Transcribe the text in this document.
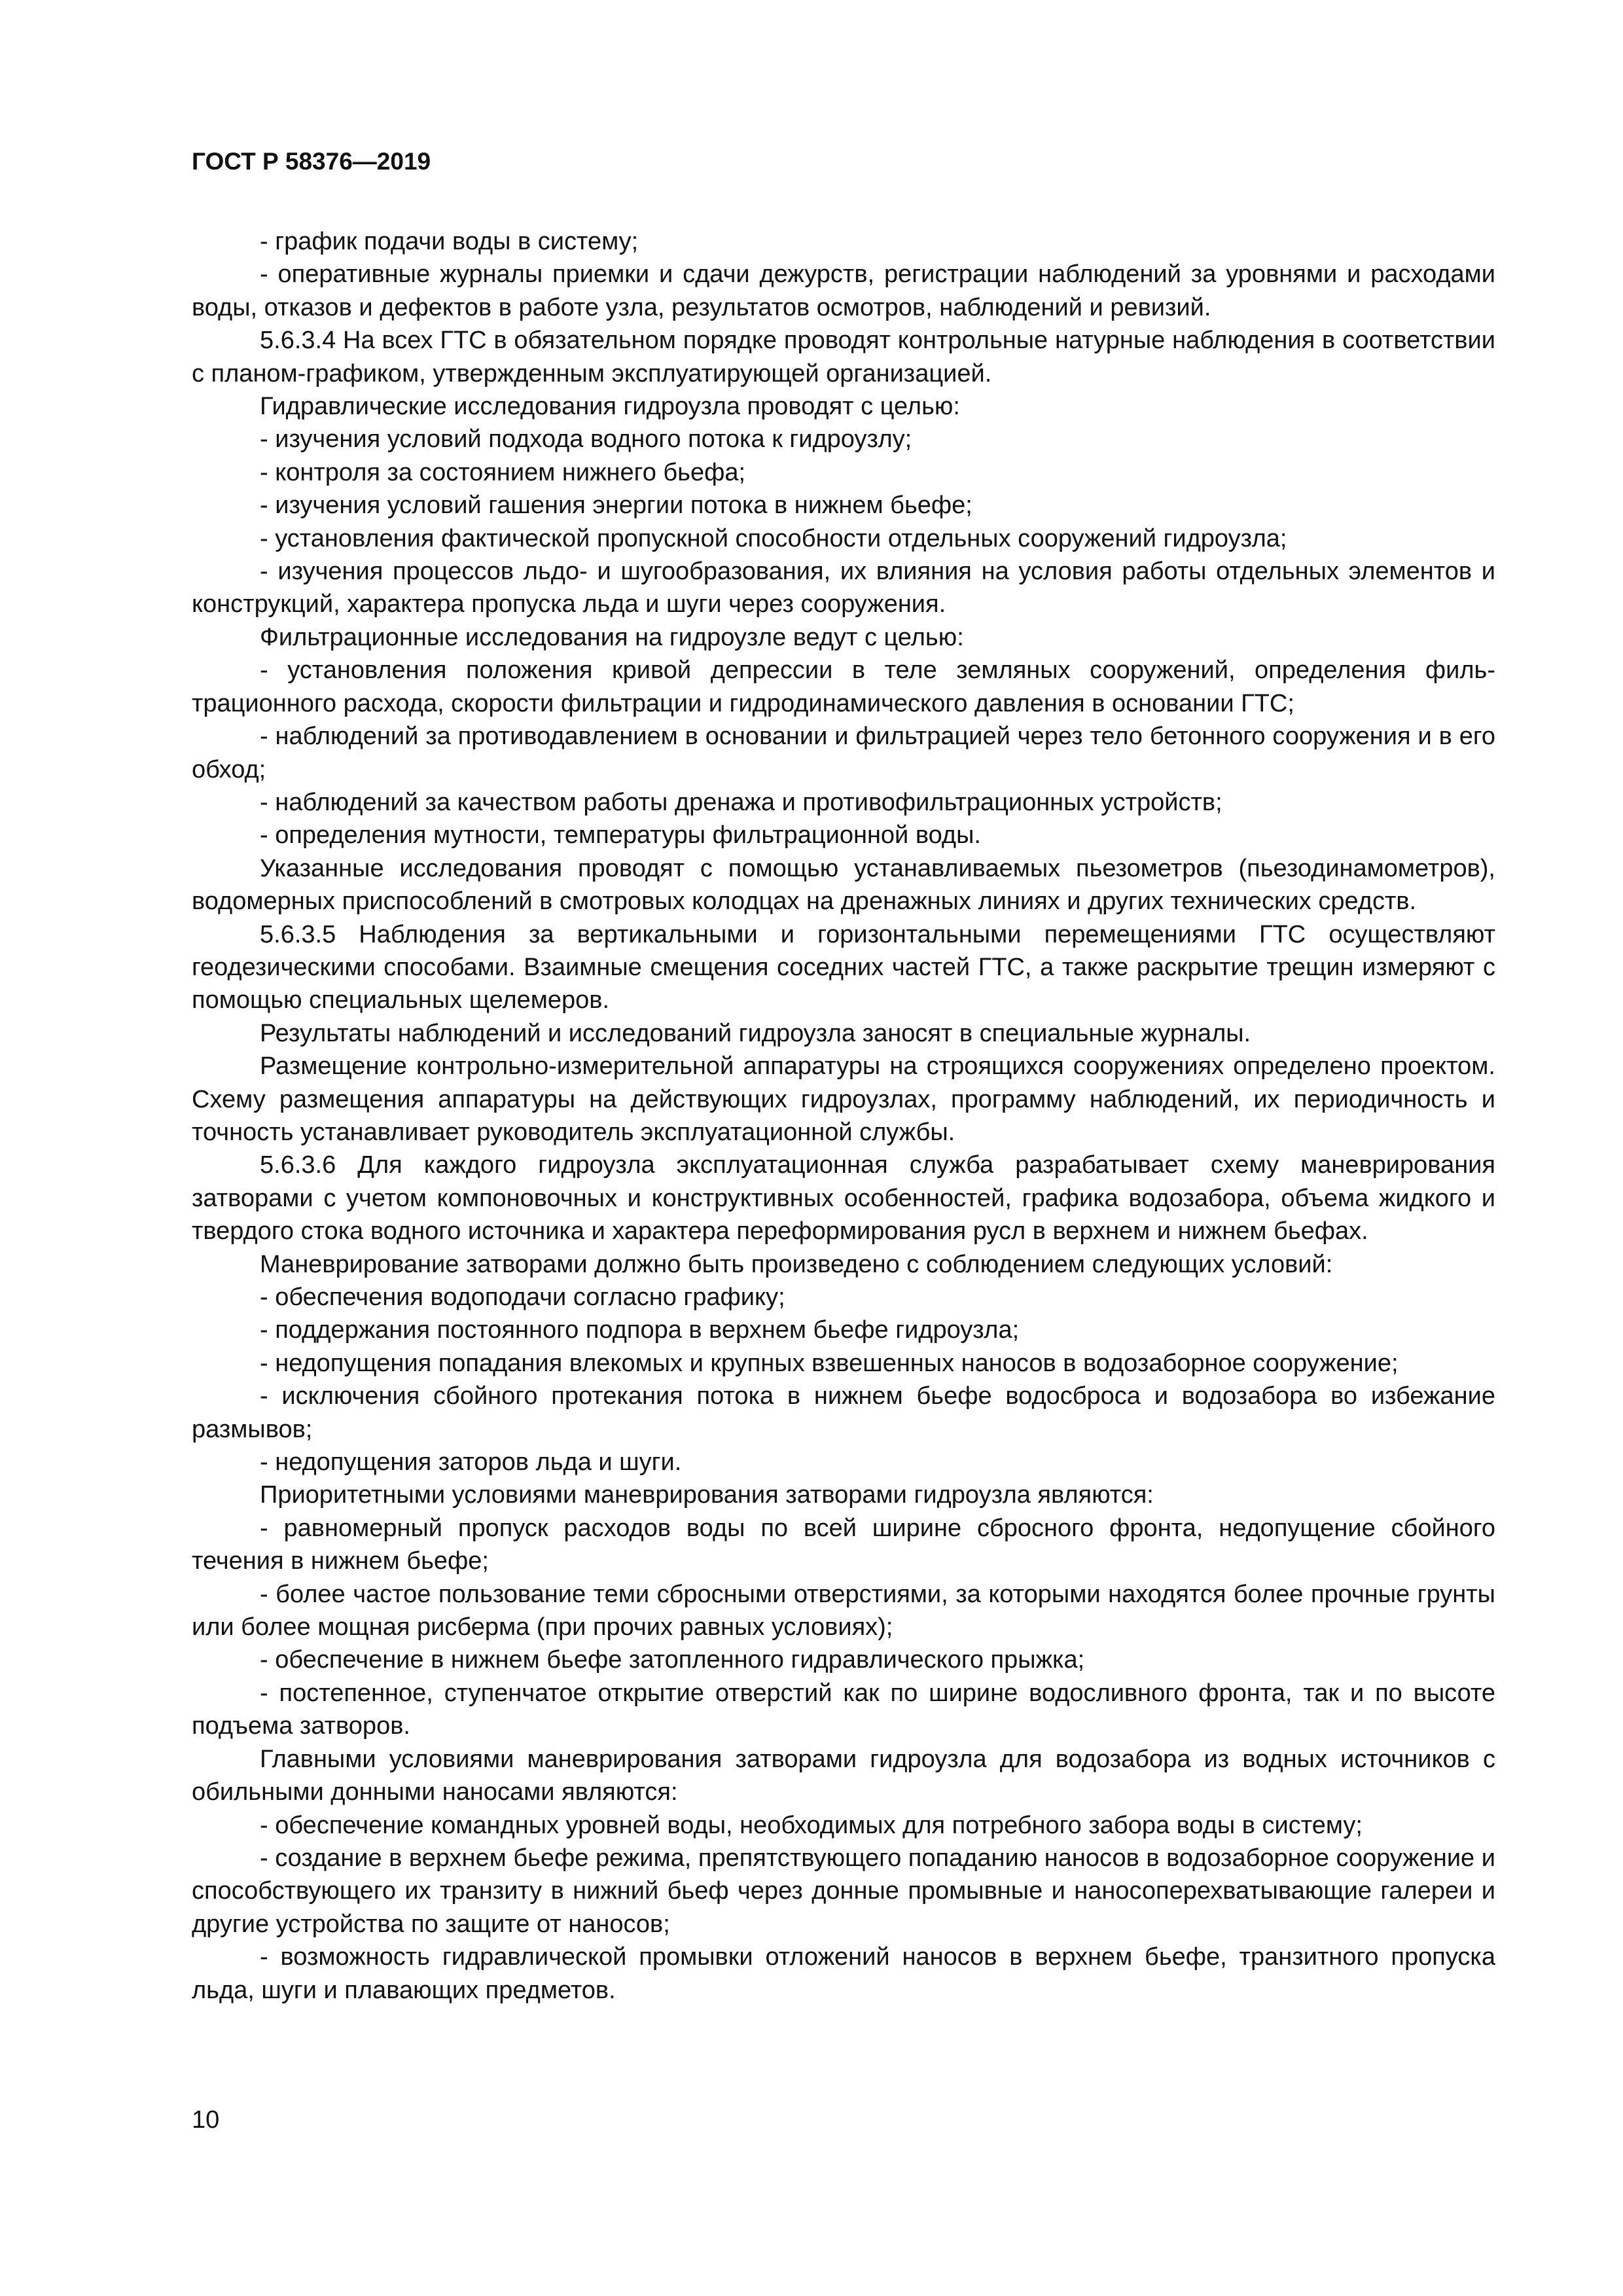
ГОСТ Р 58376—2019

- график подачи воды в систему;

- оперативные журналы приемки и сдачи дежурств, регистрации наблюдений за уровнями и расходами воды, отказов и дефектов в работе узла, результатов осмотров, наблюдений и ревизий.

5.6.3.4 На всех ГТС в обязательном порядке проводят контрольные натурные наблюдения в соответствии с планом-графиком, утвержденным эксплуатирующей организацией.

Гидравлические исследования гидроузла проводят с целью:

- изучения условий подхода водного потока к гидроузлу;

- контроля за состоянием нижнего бьефа;

- изучения условий гашения энергии потока в нижнем бьефе;

- установления фактической пропускной способности отдельных сооружений гидроузла;

- изучения процессов льдо- и шугообразования, их влияния на условия работы отдельных элементов и конструкций, характера пропуска льда и шуги через сооружения.

Фильтрационные исследования на гидроузле ведут с целью:

- установления положения кривой депрессии в теле земляных сооружений, определения фильтрационного расхода, скорости фильтрации и гидродинамического давления в основании ГТС;

- наблюдений за противодавлением в основании и фильтрацией через тело бетонного сооружения и в его обход;

- наблюдений за качеством работы дренажа и противофильтрационных устройств;

- определения мутности, температуры фильтрационной воды.

Указанные исследования проводят с помощью устанавливаемых пьезометров (пьезодинамометров), водомерных приспособлений в смотровых колодцах на дренажных линиях и других технических средств.

5.6.3.5 Наблюдения за вертикальными и горизонтальными перемещениями ГТС осуществляют геодезическими способами. Взаимные смещения соседних частей ГТС, а также раскрытие трещин измеряют с помощью специальных щелемеров.

Результаты наблюдений и исследований гидроузла заносят в специальные журналы.

Размещение контрольно-измерительной аппаратуры на строящихся сооружениях определено проектом. Схему размещения аппаратуры на действующих гидроузлах, программу наблюдений, их периодичность и точность устанавливает руководитель эксплуатационной службы.

5.6.3.6 Для каждого гидроузла эксплуатационная служба разрабатывает схему маневрирования затворами с учетом компоновочных и конструктивных особенностей, графика водозабора, объема жидкого и твердого стока водного источника и характера переформирования русл в верхнем и нижнем бьефах.

Маневрирование затворами должно быть произведено с соблюдением следующих условий:

- обеспечения водоподачи согласно графику;

- поддержания постоянного подпора в верхнем бьефе гидроузла;

- недопущения попадания влекомых и крупных взвешенных наносов в водозаборное сооружение;

- исключения сбойного протекания потока в нижнем бьефе водосброса и водозабора во избежание размывов;

- недопущения заторов льда и шуги.

Приоритетными условиями маневрирования затворами гидроузла являются:

- равномерный пропуск расходов воды по всей ширине сбросного фронта, недопущение сбойного течения в нижнем бьефе;

- более частое пользование теми сбросными отверстиями, за которыми находятся более прочные грунты или более мощная рисберма (при прочих равных условиях);

- обеспечение в нижнем бьефе затопленного гидравлического прыжка;

- постепенное, ступенчатое открытие отверстий как по ширине водосливного фронта, так и по высоте подъема затворов.

Главными условиями маневрирования затворами гидроузла для водозабора из водных источников с обильными донными наносами являются:

- обеспечение командных уровней воды, необходимых для потребного забора воды в систему;

- создание в верхнем бьефе режима, препятствующего попаданию наносов в водозаборное сооружение и способствующего их транзиту в нижний бьеф через донные промывные и наносоперехватывающие галереи и другие устройства по защите от наносов;

- возможность гидравлической промывки отложений наносов в верхнем бьефе, транзитного пропуска льда, шуги и плавающих предметов.

10
